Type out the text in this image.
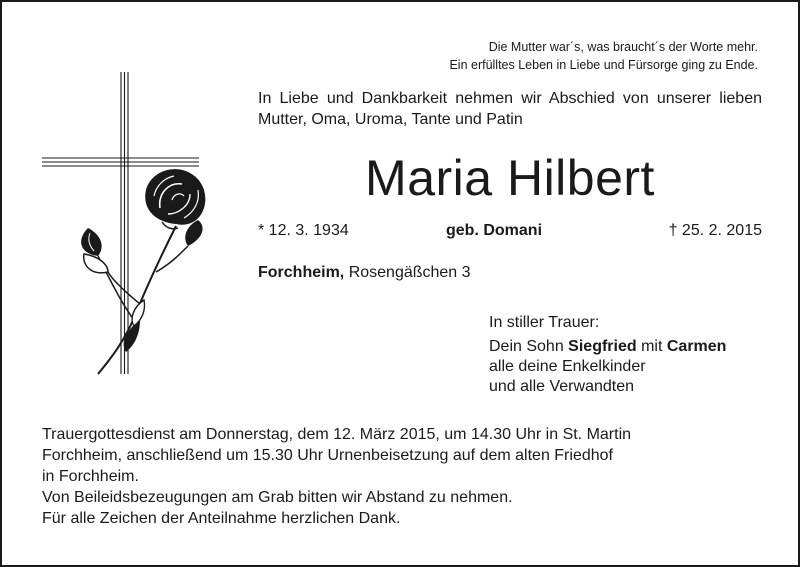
Die Mutter war´s, was braucht´s der Worte mehr.
Ein erfülltes Leben in Liebe und Fürsorge ging zu Ende.
In Liebe und Dankbarkeit nehmen wir Abschied von unserer lieben Mutter, Oma, Uroma, Tante und Patin
Maria Hilbert
* 12. 3. 1934	geb. Domani	† 25. 2. 2015
Forchheim, Rosengäßchen 3
In stiller Trauer:
Dein Sohn Siegfried mit Carmen
alle deine Enkelkinder
und alle Verwandten
Trauergottesdienst am Donnerstag, dem 12. März 2015, um 14.30 Uhr in St. Martin
Forchheim, anschließend um 15.30 Uhr Urnenbeisetzung auf dem alten Friedhof
in Forchheim.
Von Beileidsbezeugungen am Grab bitten wir Abstand zu nehmen.
Für alle Zeichen der Anteilnahme herzlichen Dank.
